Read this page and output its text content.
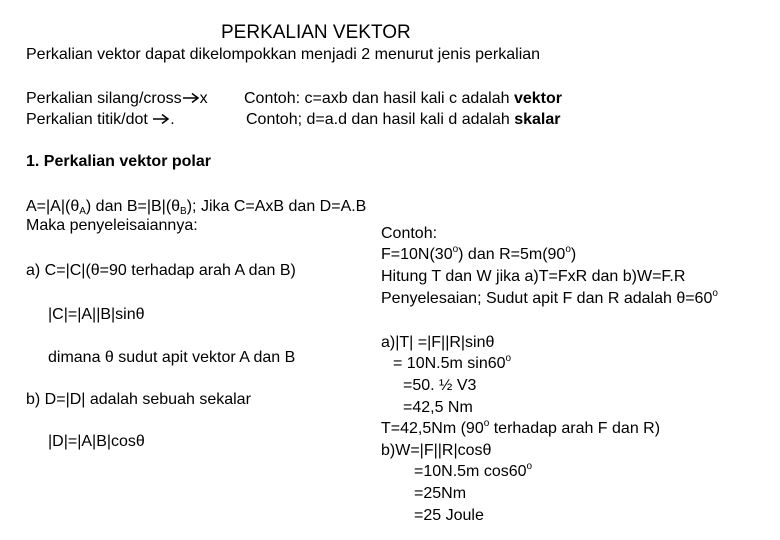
PERKALIAN VEKTOR
Perkalian vektor dapat dikelompokkan menjadi 2 menurut jenis perkalian
Perkalian silang/cross x Contoh: c=axb dan hasil kali c adalah vektor
Perkalian titik/dot .	Contoh; d=a.d dan hasil kali d adalah skalar
1. Perkalian vektor polar
$A=|A|(\theta_A)$ dan $B=|B|(\theta_B)$; Jika C=AxB dan D=A.B
Maka penyeleisaiannya:
a) C=|C|(θ=90 terhadap arah A dan B)
|C|=|A||B|sinθ
dimana θ sudut apit vektor A dan B
b) D=|D| adalah sebuah sekalar
|D|=|A|B|cosθ
Contoh:
$F=10N(30^o)$ dan $R=5m(90^o)$
Hitung T dan W jika a)T=FxR dan b)W=F.R
Penyelesaian; Sudut apit F dan R adalah $\theta=60^o$
a)|T| =|F||R|sinθ
= 10N.5m $\sin 60^o$
=50. ½ V3
=42,5 Nm
T=42,5Nm (90$^o$ terhadap arah F dan R)
b)W=|F||R|cosθ
=10N.5m $\cos 60^o$
=25Nm
=25 Joule
